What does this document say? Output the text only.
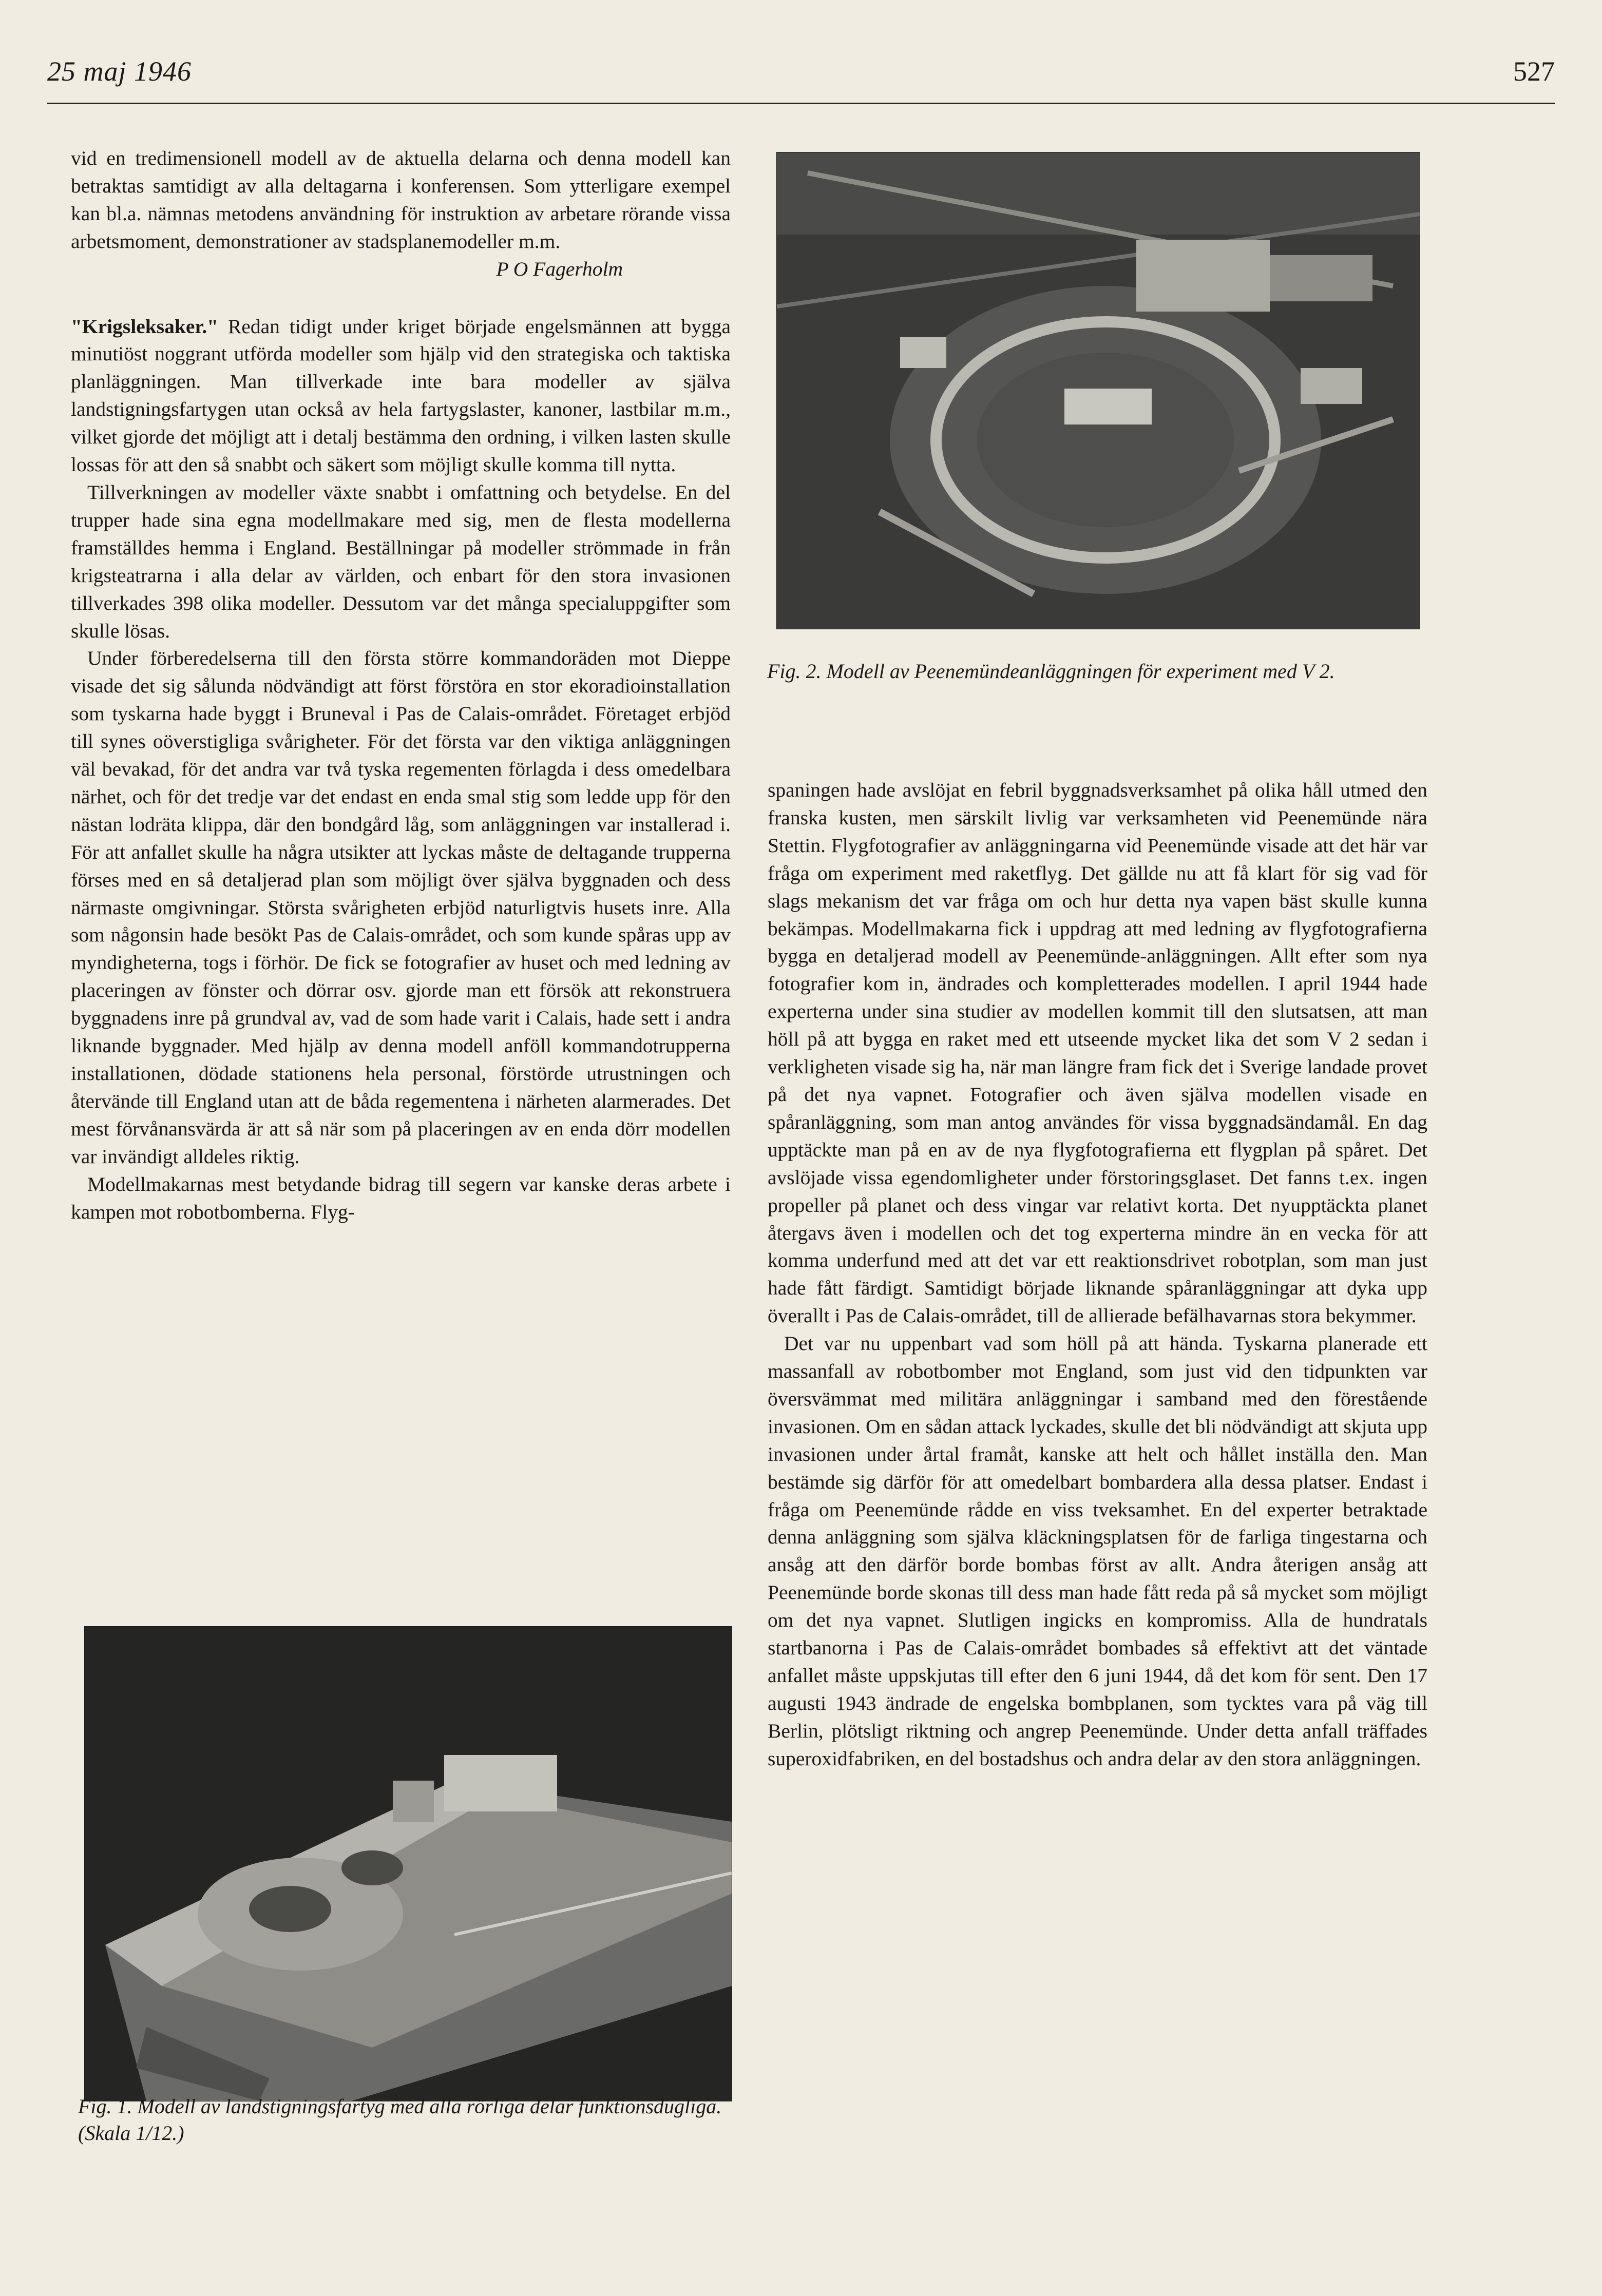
25 maj 1946	527

vid en tredimensionell modell av de aktuella delarna och denna modell kan betraktas samtidigt av alla deltagarna i konferensen. Som ytterligare exempel kan bl.a. nämnas metodens användning för instruktion av arbetare rörande vissa arbetsmoment, demonstrationer av stadsplanemodeller m.m.

P O Fagerholm

"Krigsleksaker." Redan tidigt under kriget började engelsmännen att bygga minutiöst noggrant utförda modeller som hjälp vid den strategiska och taktiska planläggningen. Man tillverkade inte bara modeller av själva landstigningsfartygen utan också av hela fartygslaster, kanoner, lastbilar m.m., vilket gjorde det möjligt att i detalj bestämma den ordning, i vilken lasten skulle lossas för att den så snabbt och säkert som möjligt skulle komma till nytta.

Tillverkningen av modeller växte snabbt i omfattning och betydelse. En del trupper hade sina egna modellmakare med sig, men de flesta modellerna framställdes hemma i England. Beställningar på modeller strömmade in från krigsteatrarna i alla delar av världen, och enbart för den stora invasionen tillverkades 398 olika modeller. Dessutom var det många specialuppgifter som skulle lösas.

Under förberedelserna till den första större kommandoräden mot Dieppe visade det sig sålunda nödvändigt att först förstöra en stor ekoradioinstallation som tyskarna hade byggt i Bruneval i Pas de Calais-området. Företaget erbjöd till synes oöverstigliga svårigheter. För det första var den viktiga anläggningen väl bevakad, för det andra var två tyska regementen förlagda i dess omedelbara närhet, och för det tredje var det endast en enda smal stig som ledde upp för den nästan lodräta klippa, där den bondgård låg, som anläggningen var installerad i. För att anfallet skulle ha några utsikter att lyckas måste de deltagande trupperna förses med en så detaljerad plan som möjligt över själva byggnaden och dess närmaste omgivningar. Största svårigheten erbjöd naturligtvis husets inre. Alla som någonsin hade besökt Pas de Calais-området, och som kunde spåras upp av myndigheterna, togs i förhör. De fick se fotografier av huset och med ledning av placeringen av fönster och dörrar osv. gjorde man ett försök att rekonstruera byggnadens inre på grundval av, vad de som hade varit i Calais, hade sett i andra liknande byggnader. Med hjälp av denna modell anföll kommandotrupperna installationen, dödade stationens hela personal, förstörde utrustningen och återvände till England utan att de båda regementena i närheten alarmerades. Det mest förvånansvärda är att så när som på placeringen av en enda dörr modellen var invändigt alldeles riktig.

Modellmakarnas mest betydande bidrag till segern var kanske deras arbete i kampen mot robotbomberna. Flyg-

Fig. 2. Modell av Peenemündeanläggningen för experiment med V 2.

spaningen hade avslöjat en febril byggnadsverksamhet på olika håll utmed den franska kusten, men särskilt livlig var verksamheten vid Peenemünde nära Stettin. Flygfotografier av anläggningarna vid Peenemünde visade att det här var fråga om experiment med raketflyg. Det gällde nu att få klart för sig vad för slags mekanism det var fråga om och hur detta nya vapen bäst skulle kunna bekämpas. Modellmakarna fick i uppdrag att med ledning av flygfotografierna bygga en detaljerad modell av Peenemünde-anläggningen. Allt efter som nya fotografier kom in, ändrades och kompletterades modellen. I april 1944 hade experterna under sina studier av modellen kommit till den slutsatsen, att man höll på att bygga en raket med ett utseende mycket lika det som V 2 sedan i verkligheten visade sig ha, när man längre fram fick det i Sverige landade provet på det nya vapnet. Fotografier och även själva modellen visade en spåranläggning, som man antog användes för vissa byggnadsändamål. En dag upptäckte man på en av de nya flygfotografierna ett flygplan på spåret. Det avslöjade vissa egendomligheter under förstoringsglaset. Det fanns t.ex. ingen propeller på planet och dess vingar var relativt korta. Det nyupptäckta planet återgavs även i modellen och det tog experterna mindre än en vecka för att komma underfund med att det var ett reaktionsdrivet robotplan, som man just hade fått färdigt. Samtidigt började liknande spåranläggningar att dyka upp överallt i Pas de Calais-området, till de allierade befälhavarnas stora bekymmer.

Det var nu uppenbart vad som höll på att hända. Tyskarna planerade ett massanfall av robotbomber mot England, som just vid den tidpunkten var översvämmat med militära anläggningar i samband med den förestående invasionen. Om en sådan attack lyckades, skulle det bli nödvändigt att skjuta upp invasionen under årtal framåt, kanske att helt och hållet inställa den. Man bestämde sig därför för att omedelbart bombardera alla dessa platser. Endast i fråga om Peenemünde rådde en viss tveksamhet. En del experter betraktade denna anläggning som själva kläckningsplatsen för de farliga tingestarna och ansåg att den därför borde bombas först av allt. Andra återigen ansåg att Peenemünde borde skonas till dess man hade fått reda på så mycket som möjligt om det nya vapnet. Slutligen ingicks en kompromiss. Alla de hundratals startbanorna i Pas de Calais-området bombades så effektivt att det väntade anfallet måste uppskjutas till efter den 6 juni 1944, då det kom för sent. Den 17 augusti 1943 ändrade de engelska bombplanen, som tycktes vara på väg till Berlin, plötsligt riktning och angrep Peenemünde. Under detta anfall träffades superoxidfabriken, en del bostadshus och andra delar av den stora anläggningen.

Fig. 1. Modell av landstigningsfartyg med alla rörliga delar funktionsdugliga. (Skala 1/12.)
